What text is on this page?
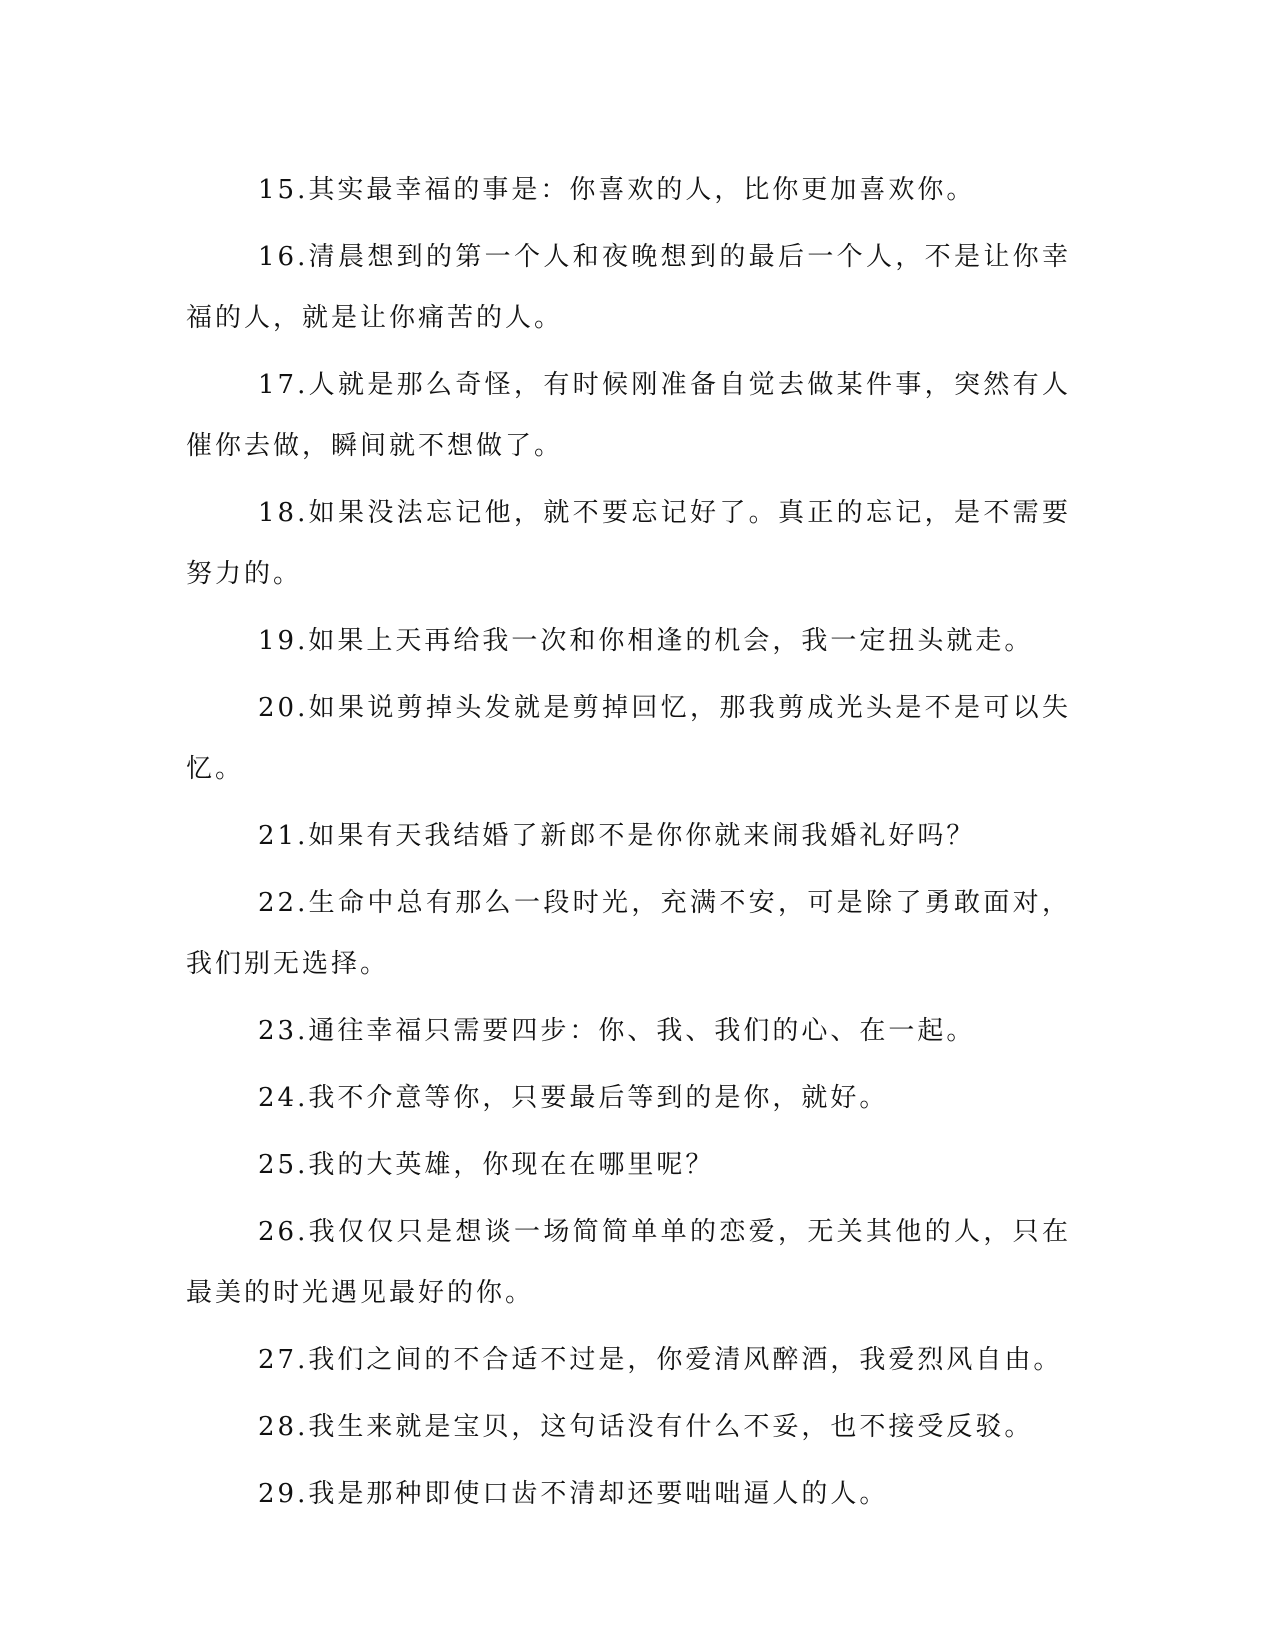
15.其实最幸福的事是：你喜欢的人，比你更加喜欢你。

16.清晨想到的第一个人和夜晚想到的最后一个人，不是让你幸福的人，就是让你痛苦的人。

17.人就是那么奇怪，有时候刚准备自觉去做某件事，突然有人催你去做，瞬间就不想做了。

18.如果没法忘记他，就不要忘记好了。真正的忘记，是不需要努力的。

19.如果上天再给我一次和你相逢的机会，我一定扭头就走。

20.如果说剪掉头发就是剪掉回忆，那我剪成光头是不是可以失忆。

21.如果有天我结婚了新郎不是你你就来闹我婚礼好吗？

22.生命中总有那么一段时光，充满不安，可是除了勇敢面对，我们别无选择。

23.通往幸福只需要四步：你、我、我们的心、在一起。

24.我不介意等你，只要最后等到的是你，就好。

25.我的大英雄，你现在在哪里呢？

26.我仅仅只是想谈一场简简单单的恋爱，无关其他的人，只在最美的时光遇见最好的你。

27.我们之间的不合适不过是，你爱清风醉酒，我爱烈风自由。

28.我生来就是宝贝，这句话没有什么不妥，也不接受反驳。

29.我是那种即使口齿不清却还要咄咄逼人的人。
